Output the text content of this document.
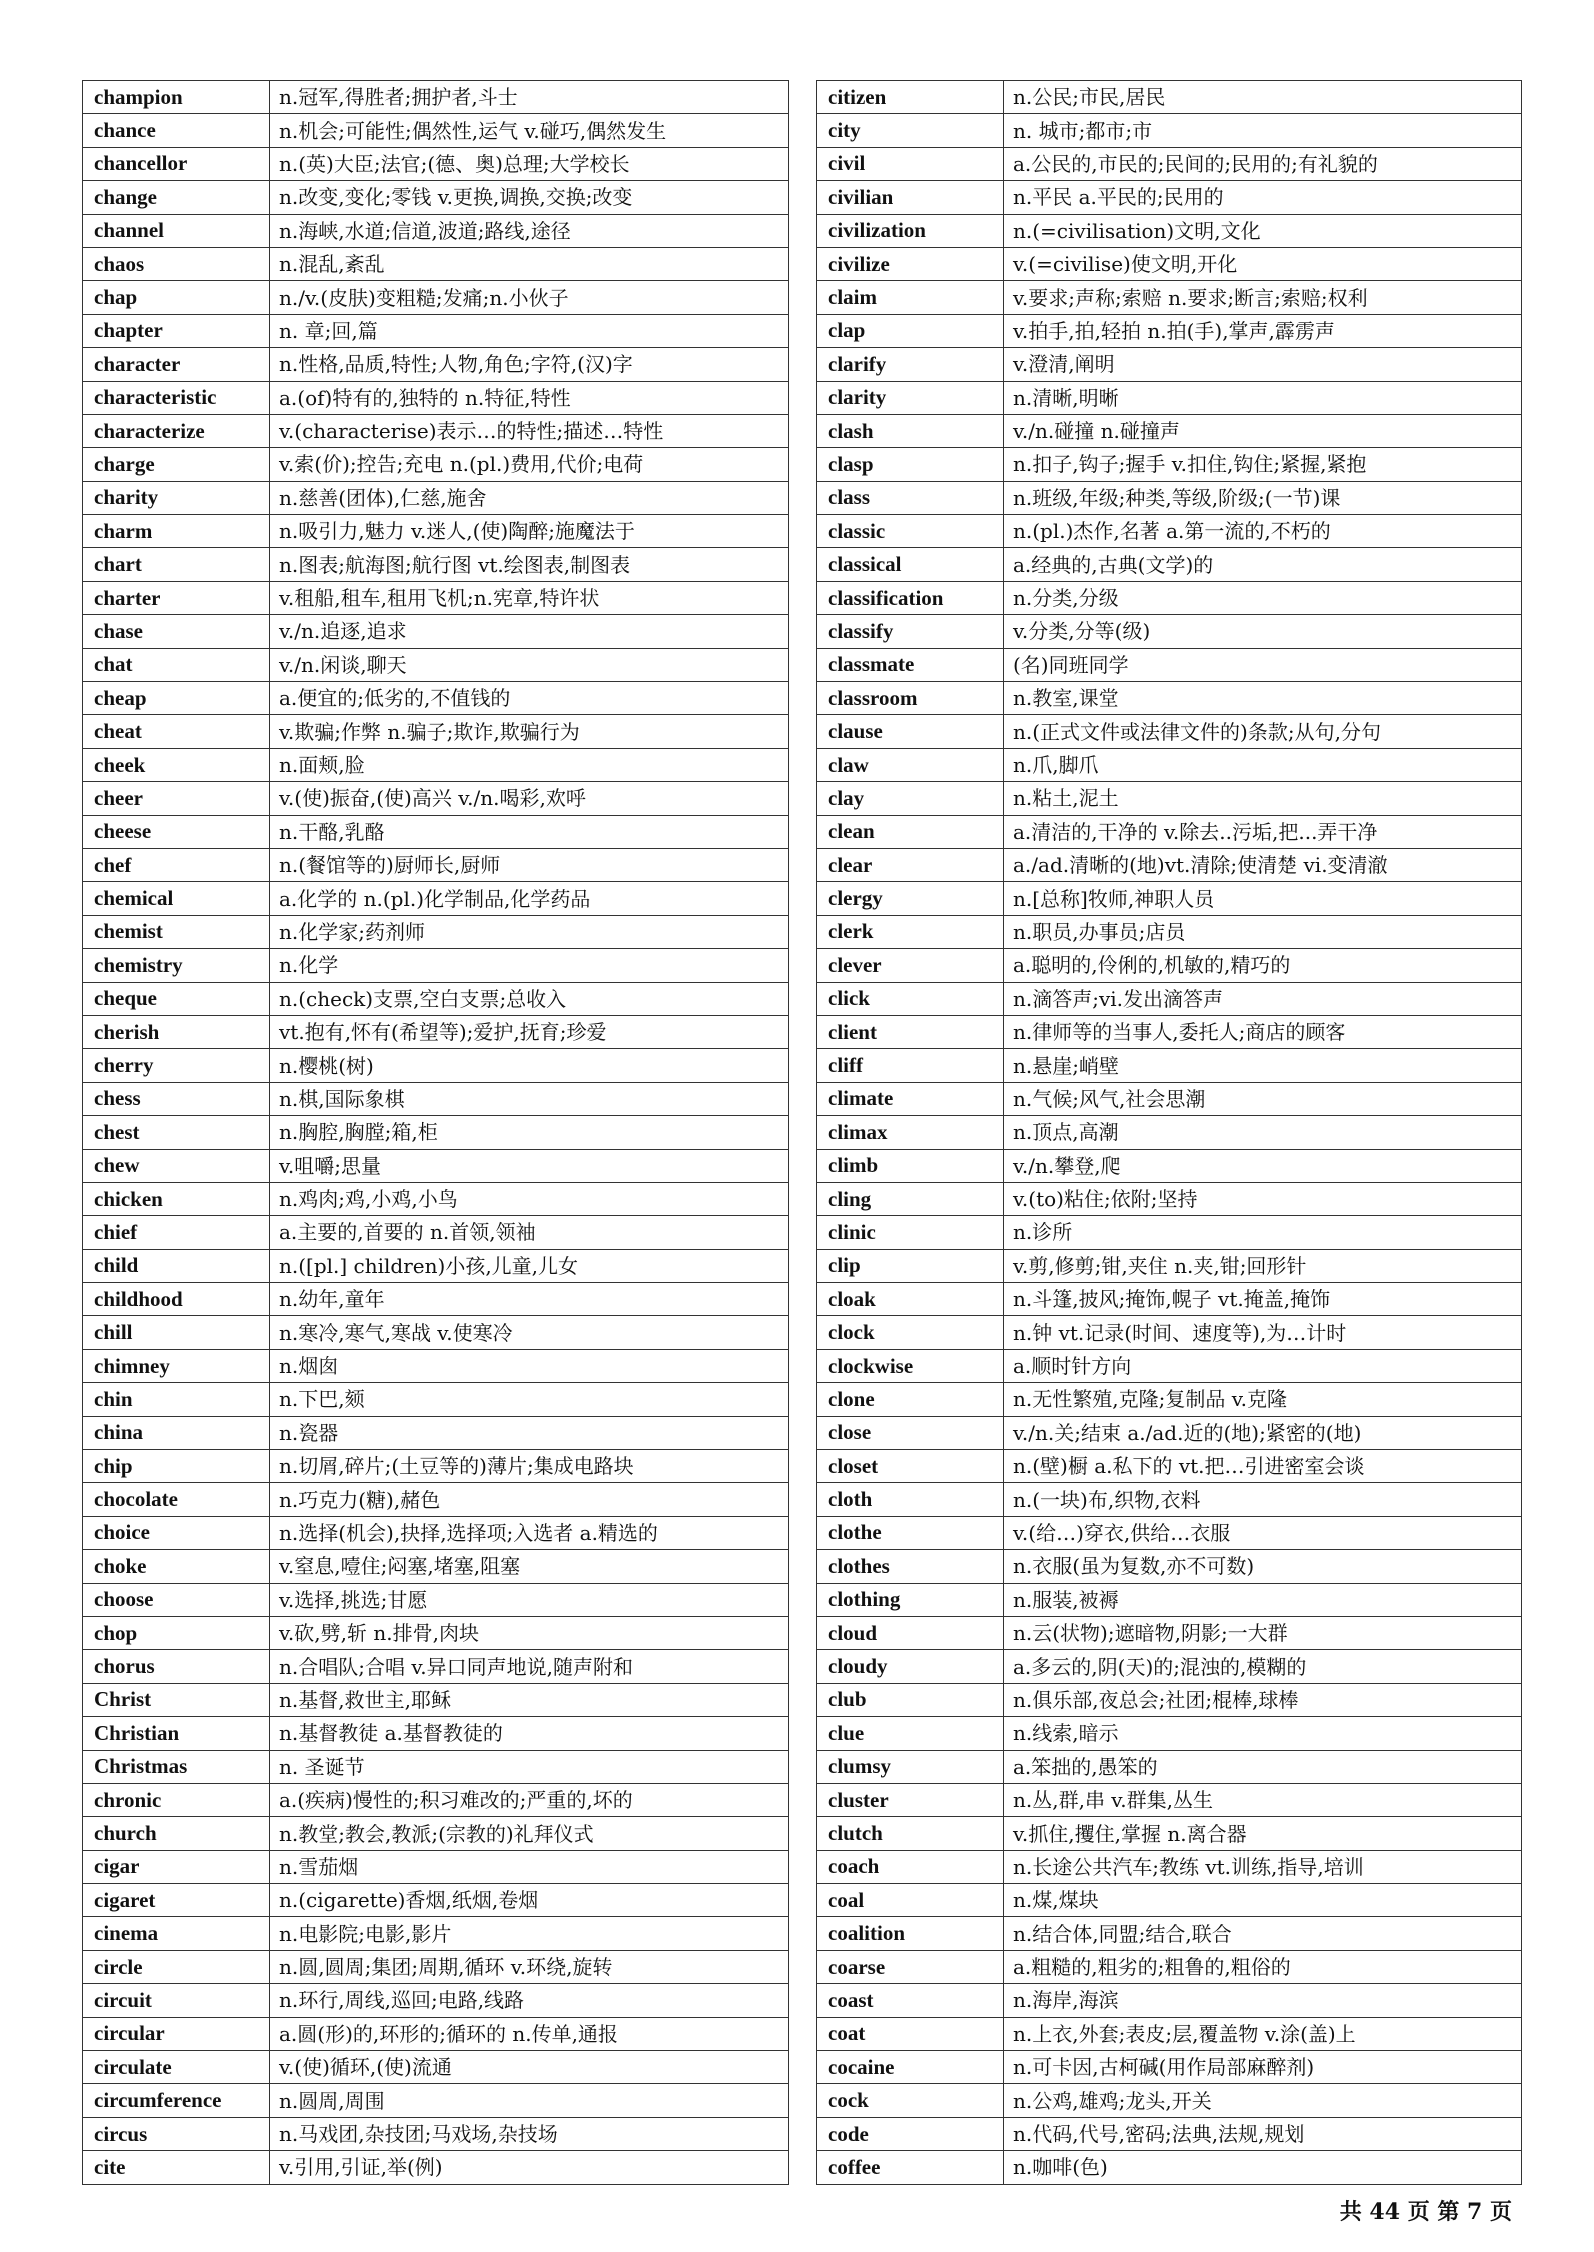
champion	n.冠军,得胜者;拥护者,斗士
chance	n.机会;可能性;偶然性,运气 v.碰巧,偶然发生
chancellor	n.(英)大臣;法官;(德、奥)总理;大学校长
change	n.改变,变化;零钱 v.更换,调换,交换;改变
channel	n.海峡,水道;信道,波道;路线,途径
chaos	n.混乱,紊乱
chap	n./v.(皮肤)变粗糙;发痛;n.小伙子
chapter	n. 章;回,篇
character	n.性格,品质,特性;人物,角色;字符,(汉)字
characteristic	a.(of)特有的,独特的 n.特征,特性
characterize	v.(characterise)表示…的特性;描述…特性
charge	v.索(价);控告;充电 n.(pl.)费用,代价;电荷
charity	n.慈善(团体),仁慈,施舍
charm	n.吸引力,魅力 v.迷人,(使)陶醉;施魔法于
chart	n.图表;航海图;航行图 vt.绘图表,制图表
charter	v.租船,租车,租用飞机;n.宪章,特许状
chase	v./n.追逐,追求
chat	v./n.闲谈,聊天
cheap	a.便宜的;低劣的,不值钱的
cheat	v.欺骗;作弊 n.骗子;欺诈,欺骗行为
cheek	n.面颊,脸
cheer	v.(使)振奋,(使)高兴 v./n.喝彩,欢呼
cheese	n.干酪,乳酪
chef	n.(餐馆等的)厨师长,厨师
chemical	a.化学的 n.(pl.)化学制品,化学药品
chemist	n.化学家;药剂师
chemistry	n.化学
cheque	n.(check)支票,空白支票;总收入
cherish	vt.抱有,怀有(希望等);爱护,抚育;珍爱
cherry	n.樱桃(树)
chess	n.棋,国际象棋
chest	n.胸腔,胸膛;箱,柜
chew	v.咀嚼;思量
chicken	n.鸡肉;鸡,小鸡,小鸟
chief	a.主要的,首要的 n.首领,领袖
child	n.([pl.] children)小孩,儿童,儿女
childhood	n.幼年,童年
chill	n.寒冷,寒气,寒战 v.使寒冷
chimney	n.烟囱
chin	n.下巴,颏
china	n.瓷器
chip	n.切屑,碎片;(土豆等的)薄片;集成电路块
chocolate	n.巧克力(糖),赭色
choice	n.选择(机会),抉择,选择项;入选者 a.精选的
choke	v.窒息,噎住;闷塞,堵塞,阻塞
choose	v.选择,挑选;甘愿
chop	v.砍,劈,斩 n.排骨,肉块
chorus	n.合唱队;合唱 v.异口同声地说,随声附和
Christ	n.基督,救世主,耶稣
Christian	n.基督教徒 a.基督教徒的
Christmas	n. 圣诞节
chronic	a.(疾病)慢性的;积习难改的;严重的,坏的
church	n.教堂;教会,教派;(宗教的)礼拜仪式
cigar	n.雪茄烟
cigaret	n.(cigarette)香烟,纸烟,卷烟
cinema	n.电影院;电影,影片
circle	n.圆,圆周;集团;周期,循环 v.环绕,旋转
circuit	n.环行,周线,巡回;电路,线路
circular	a.圆(形)的,环形的;循环的 n.传单,通报
circulate	v.(使)循环,(使)流通
circumference	n.圆周,周围
circus	n.马戏团,杂技团;马戏场,杂技场
cite	v.引用,引证,举(例)
citizen	n.公民;市民,居民
city	n. 城市;都市;市
civil	a.公民的,市民的;民间的;民用的;有礼貌的
civilian	n.平民 a.平民的;民用的
civilization	n.(=civilisation)文明,文化
civilize	v.(=civilise)使文明,开化
claim	v.要求;声称;索赔 n.要求;断言;索赔;权利
clap	v.拍手,拍,轻拍 n.拍(手),掌声,霹雳声
clarify	v.澄清,阐明
clarity	n.清晰,明晰
clash	v./n.碰撞 n.碰撞声
clasp	n.扣子,钩子;握手 v.扣住,钩住;紧握,紧抱
class	n.班级,年级;种类,等级,阶级;(一节)课
classic	n.(pl.)杰作,名著 a.第一流的,不朽的
classical	a.经典的,古典(文学)的
classification	n.分类,分级
classify	v.分类,分等(级)
classmate	(名)同班同学
classroom	n.教室,课堂
clause	n.(正式文件或法律文件的)条款;从句,分句
claw	n.爪,脚爪
clay	n.粘土,泥土
clean	a.清洁的,干净的 v.除去..污垢,把...弄干净
clear	a./ad.清晰的(地)vt.清除;使清楚 vi.变清澈
clergy	n.[总称]牧师,神职人员
clerk	n.职员,办事员;店员
clever	a.聪明的,伶俐的,机敏的,精巧的
click	n.滴答声;vi.发出滴答声
client	n.律师等的当事人,委托人;商店的顾客
cliff	n.悬崖;峭壁
climate	n.气候;风气,社会思潮
climax	n.顶点,高潮
climb	v./n.攀登,爬
cling	v.(to)粘住;依附;坚持
clinic	n.诊所
clip	v.剪,修剪;钳,夹住 n.夹,钳;回形针
cloak	n.斗篷,披风;掩饰,幌子 vt.掩盖,掩饰
clock	n.钟 vt.记录(时间、速度等),为…计时
clockwise	a.顺时针方向
clone	n.无性繁殖,克隆;复制品 v.克隆
close	v./n.关;结束 a./ad.近的(地);紧密的(地)
closet	n.(壁)橱 a.私下的 vt.把…引进密室会谈
cloth	n.(一块)布,织物,衣料
clothe	v.(给…)穿衣,供给…衣服
clothes	n.衣服(虽为复数,亦不可数)
clothing	n.服装,被褥
cloud	n.云(状物);遮暗物,阴影;一大群
cloudy	a.多云的,阴(天)的;混浊的,模糊的
club	n.俱乐部,夜总会;社团;棍棒,球棒
clue	n.线索,暗示
clumsy	a.笨拙的,愚笨的
cluster	n.丛,群,串 v.群集,丛生
clutch	v.抓住,攫住,掌握 n.离合器
coach	n.长途公共汽车;教练 vt.训练,指导,培训
coal	n.煤,煤块
coalition	n.结合体,同盟;结合,联合
coarse	a.粗糙的,粗劣的;粗鲁的,粗俗的
coast	n.海岸,海滨
coat	n.上衣,外套;表皮;层,覆盖物 v.涂(盖)上
cocaine	n.可卡因,古柯碱(用作局部麻醉剂)
cock	n.公鸡,雄鸡;龙头,开关
code	n.代码,代号,密码;法典,法规,规划
coffee	n.咖啡(色)
共 44 页 第 7 页
